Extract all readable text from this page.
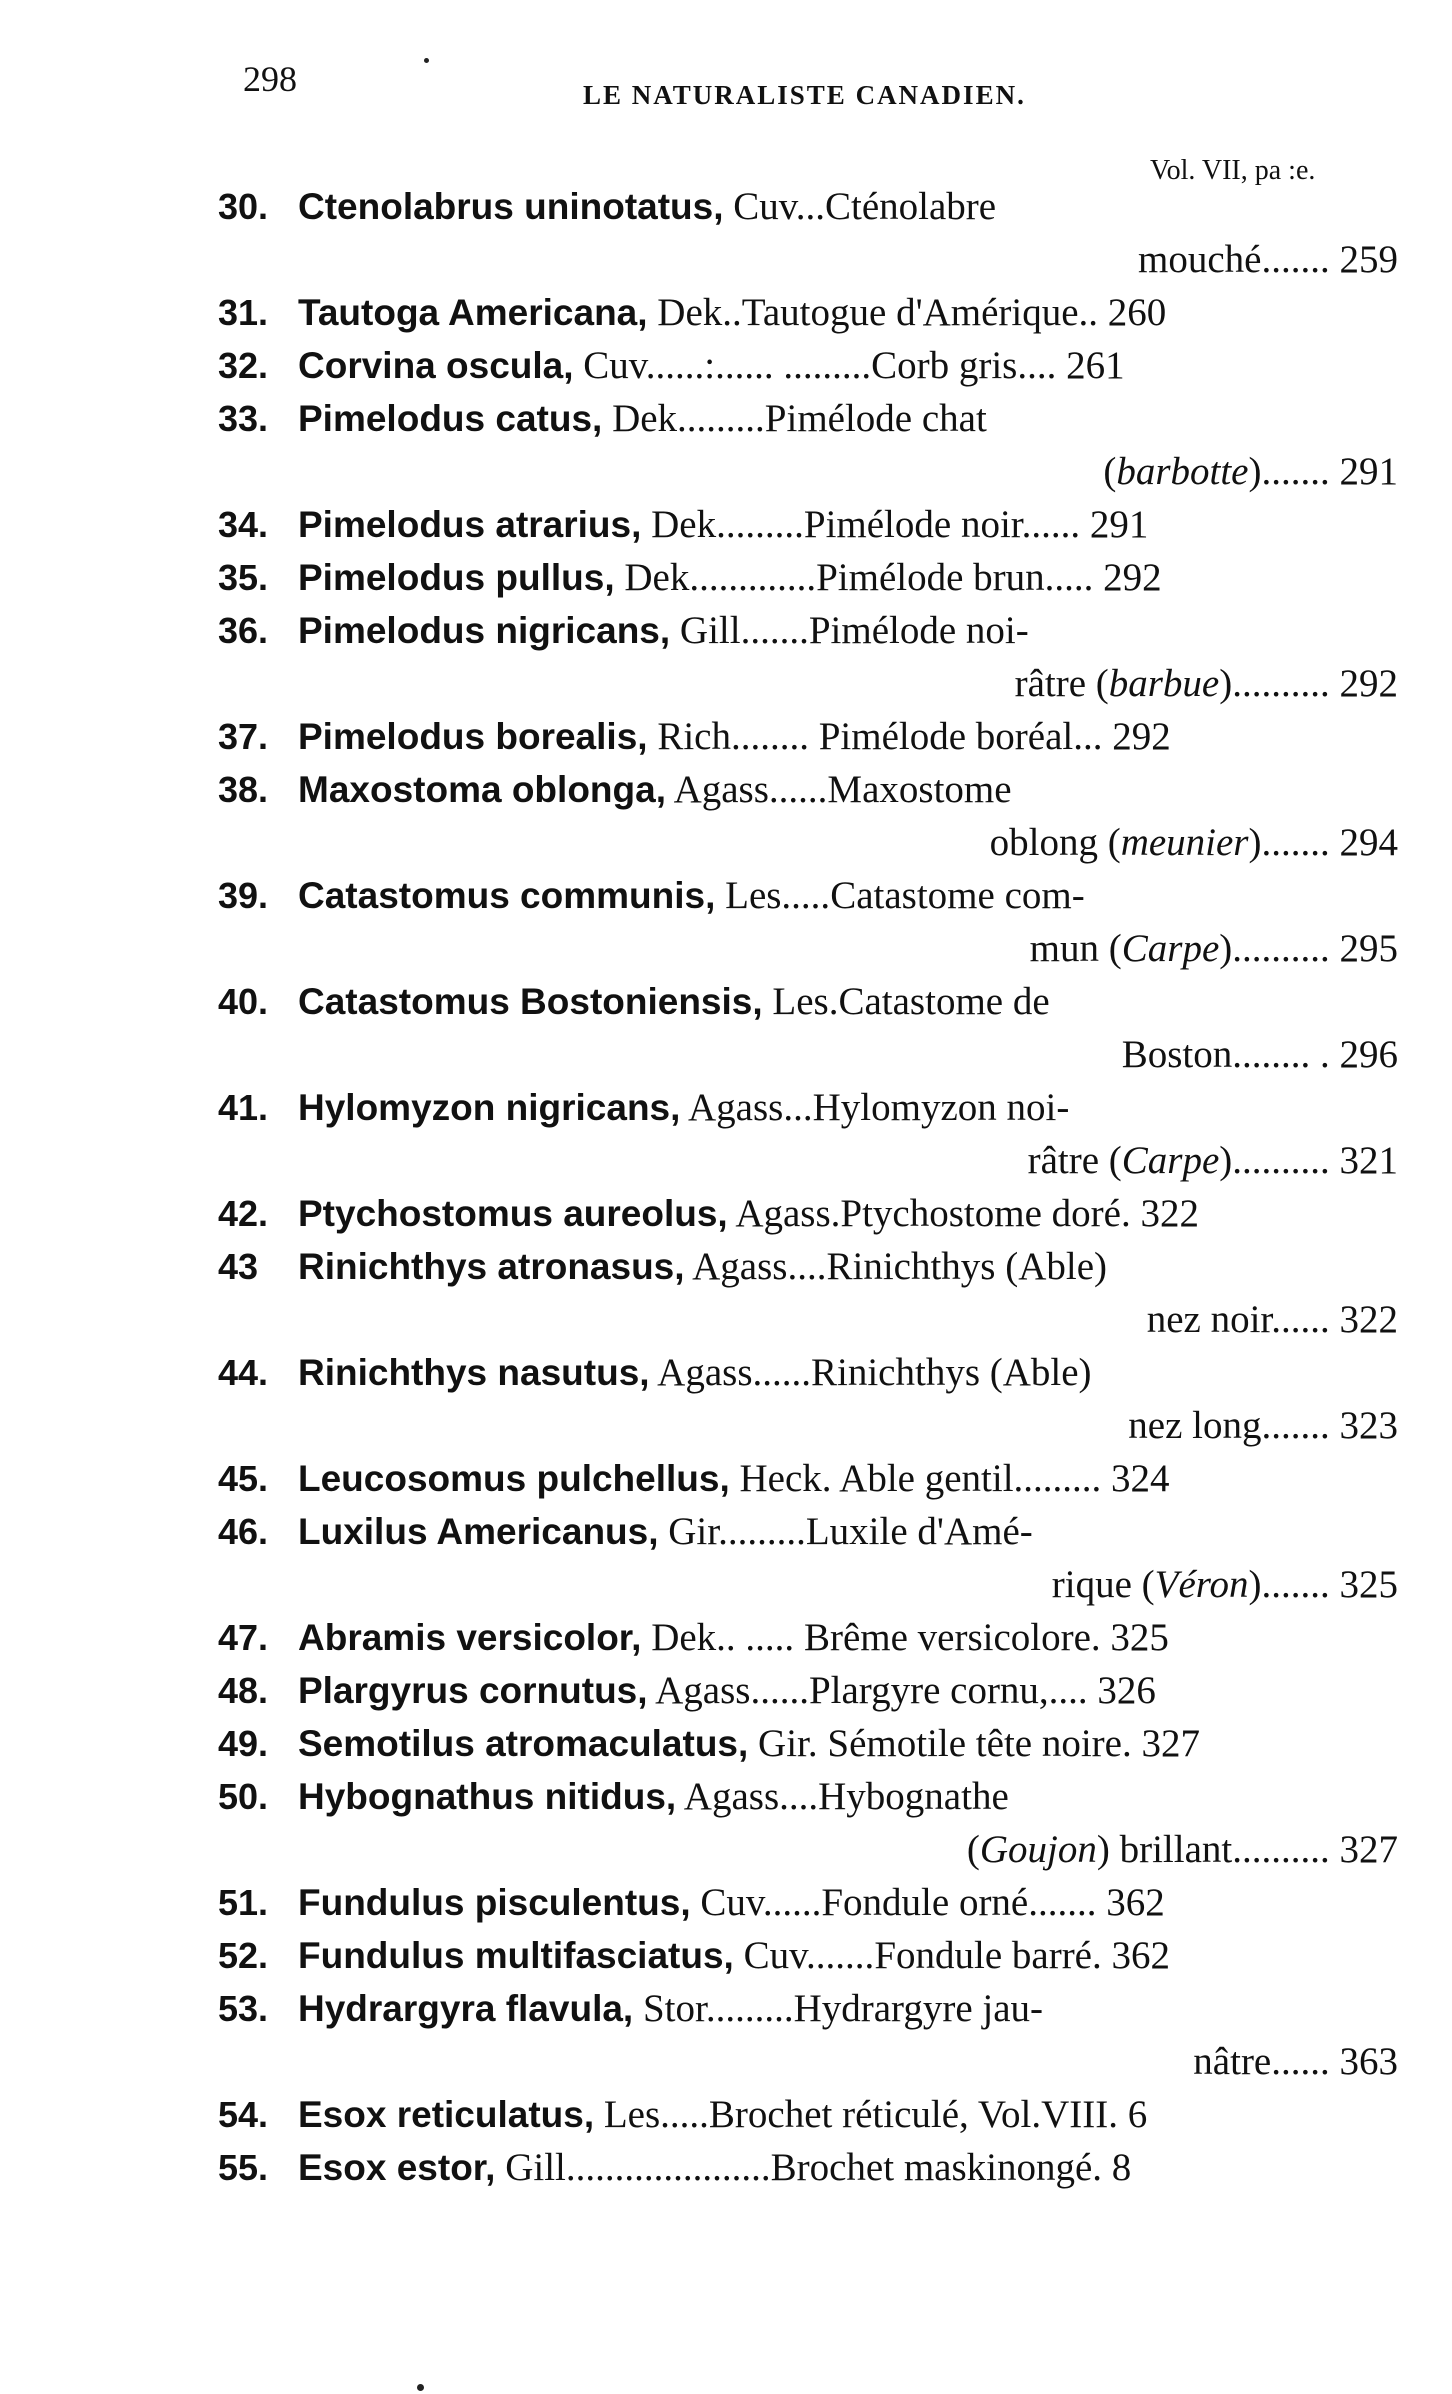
298	LE NATURALISTE CANADIEN.
Vol. VII, pa :e.
30. Ctenolabrus uninotatus, Cuv...Cténolabre
mouché....... 259
31. Tautoga Americana, Dek..Tautogue d'Amérique.. 260
32. Corvina oscula, Cuv......:...... .........Corb gris.... 261
33. Pimelodus catus, Dek.........Pimélode chat
(barbotte)....... 291
34. Pimelodus atrarius, Dek.........Pimélode noir...... 291
35. Pimelodus pullus, Dek.............Pimélode brun..... 292
36. Pimelodus nigricans, Gill.......Pimélode noi-
râtre (barbue).......... 292
37. Pimelodus borealis, Rich........ Pimélode boréal... 292
38. Maxostoma oblonga, Agass......Maxostome
oblong (meunier)....... 294
39. Catastomus communis, Les.....Catastome com-
mun (Carpe).......... 295
40. Catastomus Bostoniensis, Les.Catastome de
Boston........ . 296
41. Hylomyzon nigricans, Agass...Hylomyzon noi-
râtre (Carpe).......... 321
42. Ptychostomus aureolus, Agass.Ptychostome doré. 322
43 Rinichthys atronasus, Agass....Rinichthys (Able)
nez noir...... 322
44. Rinichthys nasutus, Agass......Rinichthys (Able)
nez long....... 323
45. Leucosomus pulchellus, Heck. Able gentil......... 324
46. Luxilus Americanus, Gir.........Luxile d'Amé-
rique (Véron)....... 325
47. Abramis versicolor, Dek.. ..... Brême versicolore. 325
48. Plargyrus cornutus, Agass......Plargyre cornu,.... 326
49. Semotilus atromaculatus, Gir. Sémotile tête noire. 327
50. Hybognathus nitidus, Agass....Hybognathe
(Goujon) brillant.......... 327
51. Fundulus pisculentus, Cuv......Fondule orné....... 362
52. Fundulus multifasciatus, Cuv.......Fondule barré. 362
53. Hydrargyra flavula, Stor.........Hydrargyre jau-
nâtre...... 363
54. Esox reticulatus, Les.....Brochet réticulé, Vol.VIII. 6
55. Esox estor, Gill.....................Brochet maskinongé. 8
